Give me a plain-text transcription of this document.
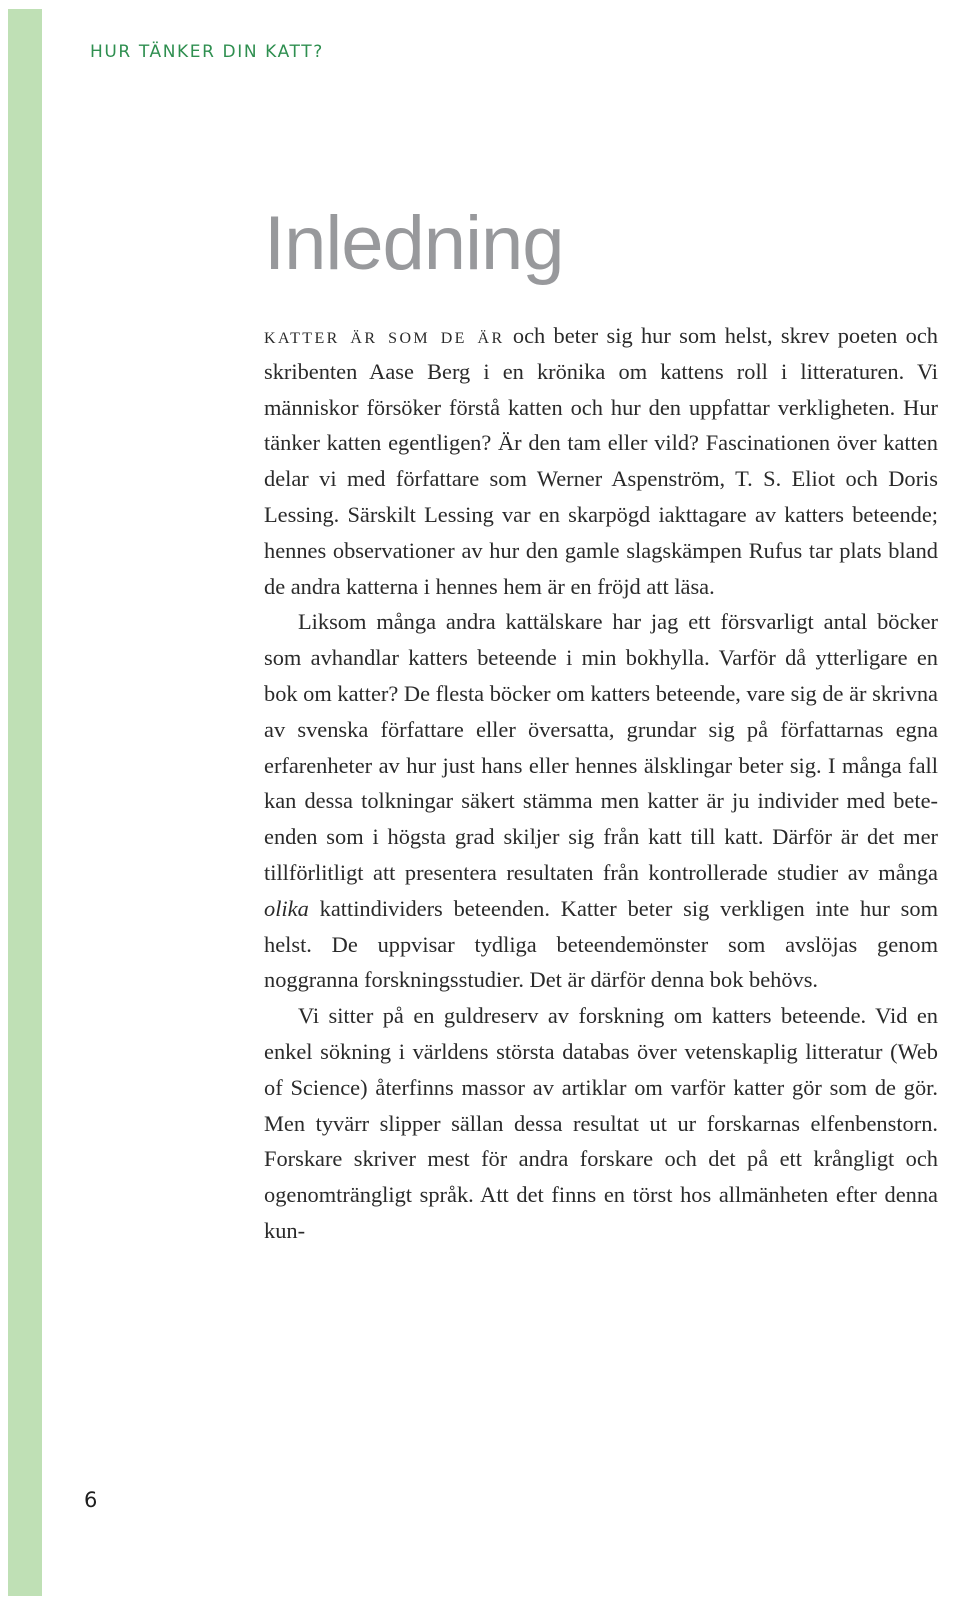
HUR TÄNKER DIN KATT?
Inledning

katter är som de är och beter sig hur som helst, skrev poeten och skribenten Aase Berg i en krönika om kattens roll i litteraturen. Vi människor försöker förstå katten och hur den uppfattar verkligheten. Hur tänker katten egentligen? Är den tam eller vild? Fascinationen över katten delar vi med författare som Werner Aspenström, T. S. Eliot och Doris Lessing. Särskilt Lessing var en skarpögd iakttagare av katters beteende; hennes observationer av hur den gamle slagskämpen Rufus tar plats bland de andra katterna i hennes hem är en fröjd att läsa.

Liksom många andra kattälskare har jag ett försvarligt antal böcker som avhandlar katters beteende i min bokhylla. Varför då ytterligare en bok om katter? De flesta böcker om katters beteende, vare sig de är skrivna av svenska författare eller översatta, grundar sig på författarnas egna erfarenheter av hur just hans eller hennes älsklingar beter sig. I många fall kan dessa tolkningar säkert stämma men katter är ju individer med beteenden som i högsta grad skiljer sig från katt till katt. Därför är det mer tillförlitligt att presentera resultaten från kontrollerade studier av många olika kattindividers beteenden. Katter beter sig verkligen inte hur som helst. De uppvisar tydliga beteendemönster som avslöjas genom noggranna forskningsstudier. Det är därför denna bok behövs.

Vi sitter på en guldreserv av forskning om katters beteende. Vid en enkel sökning i världens största databas över vetenskaplig litteratur (Web of Science) återfinns massor av artiklar om varför katter gör som de gör. Men tyvärr slipper sällan dessa resultat ut ur forskarnas elfenbenstorn. Forskare skriver mest för andra forskare och det på ett krångligt och ogenomträngligt språk. Att det finns en törst hos allmänheten efter denna kun-

6
